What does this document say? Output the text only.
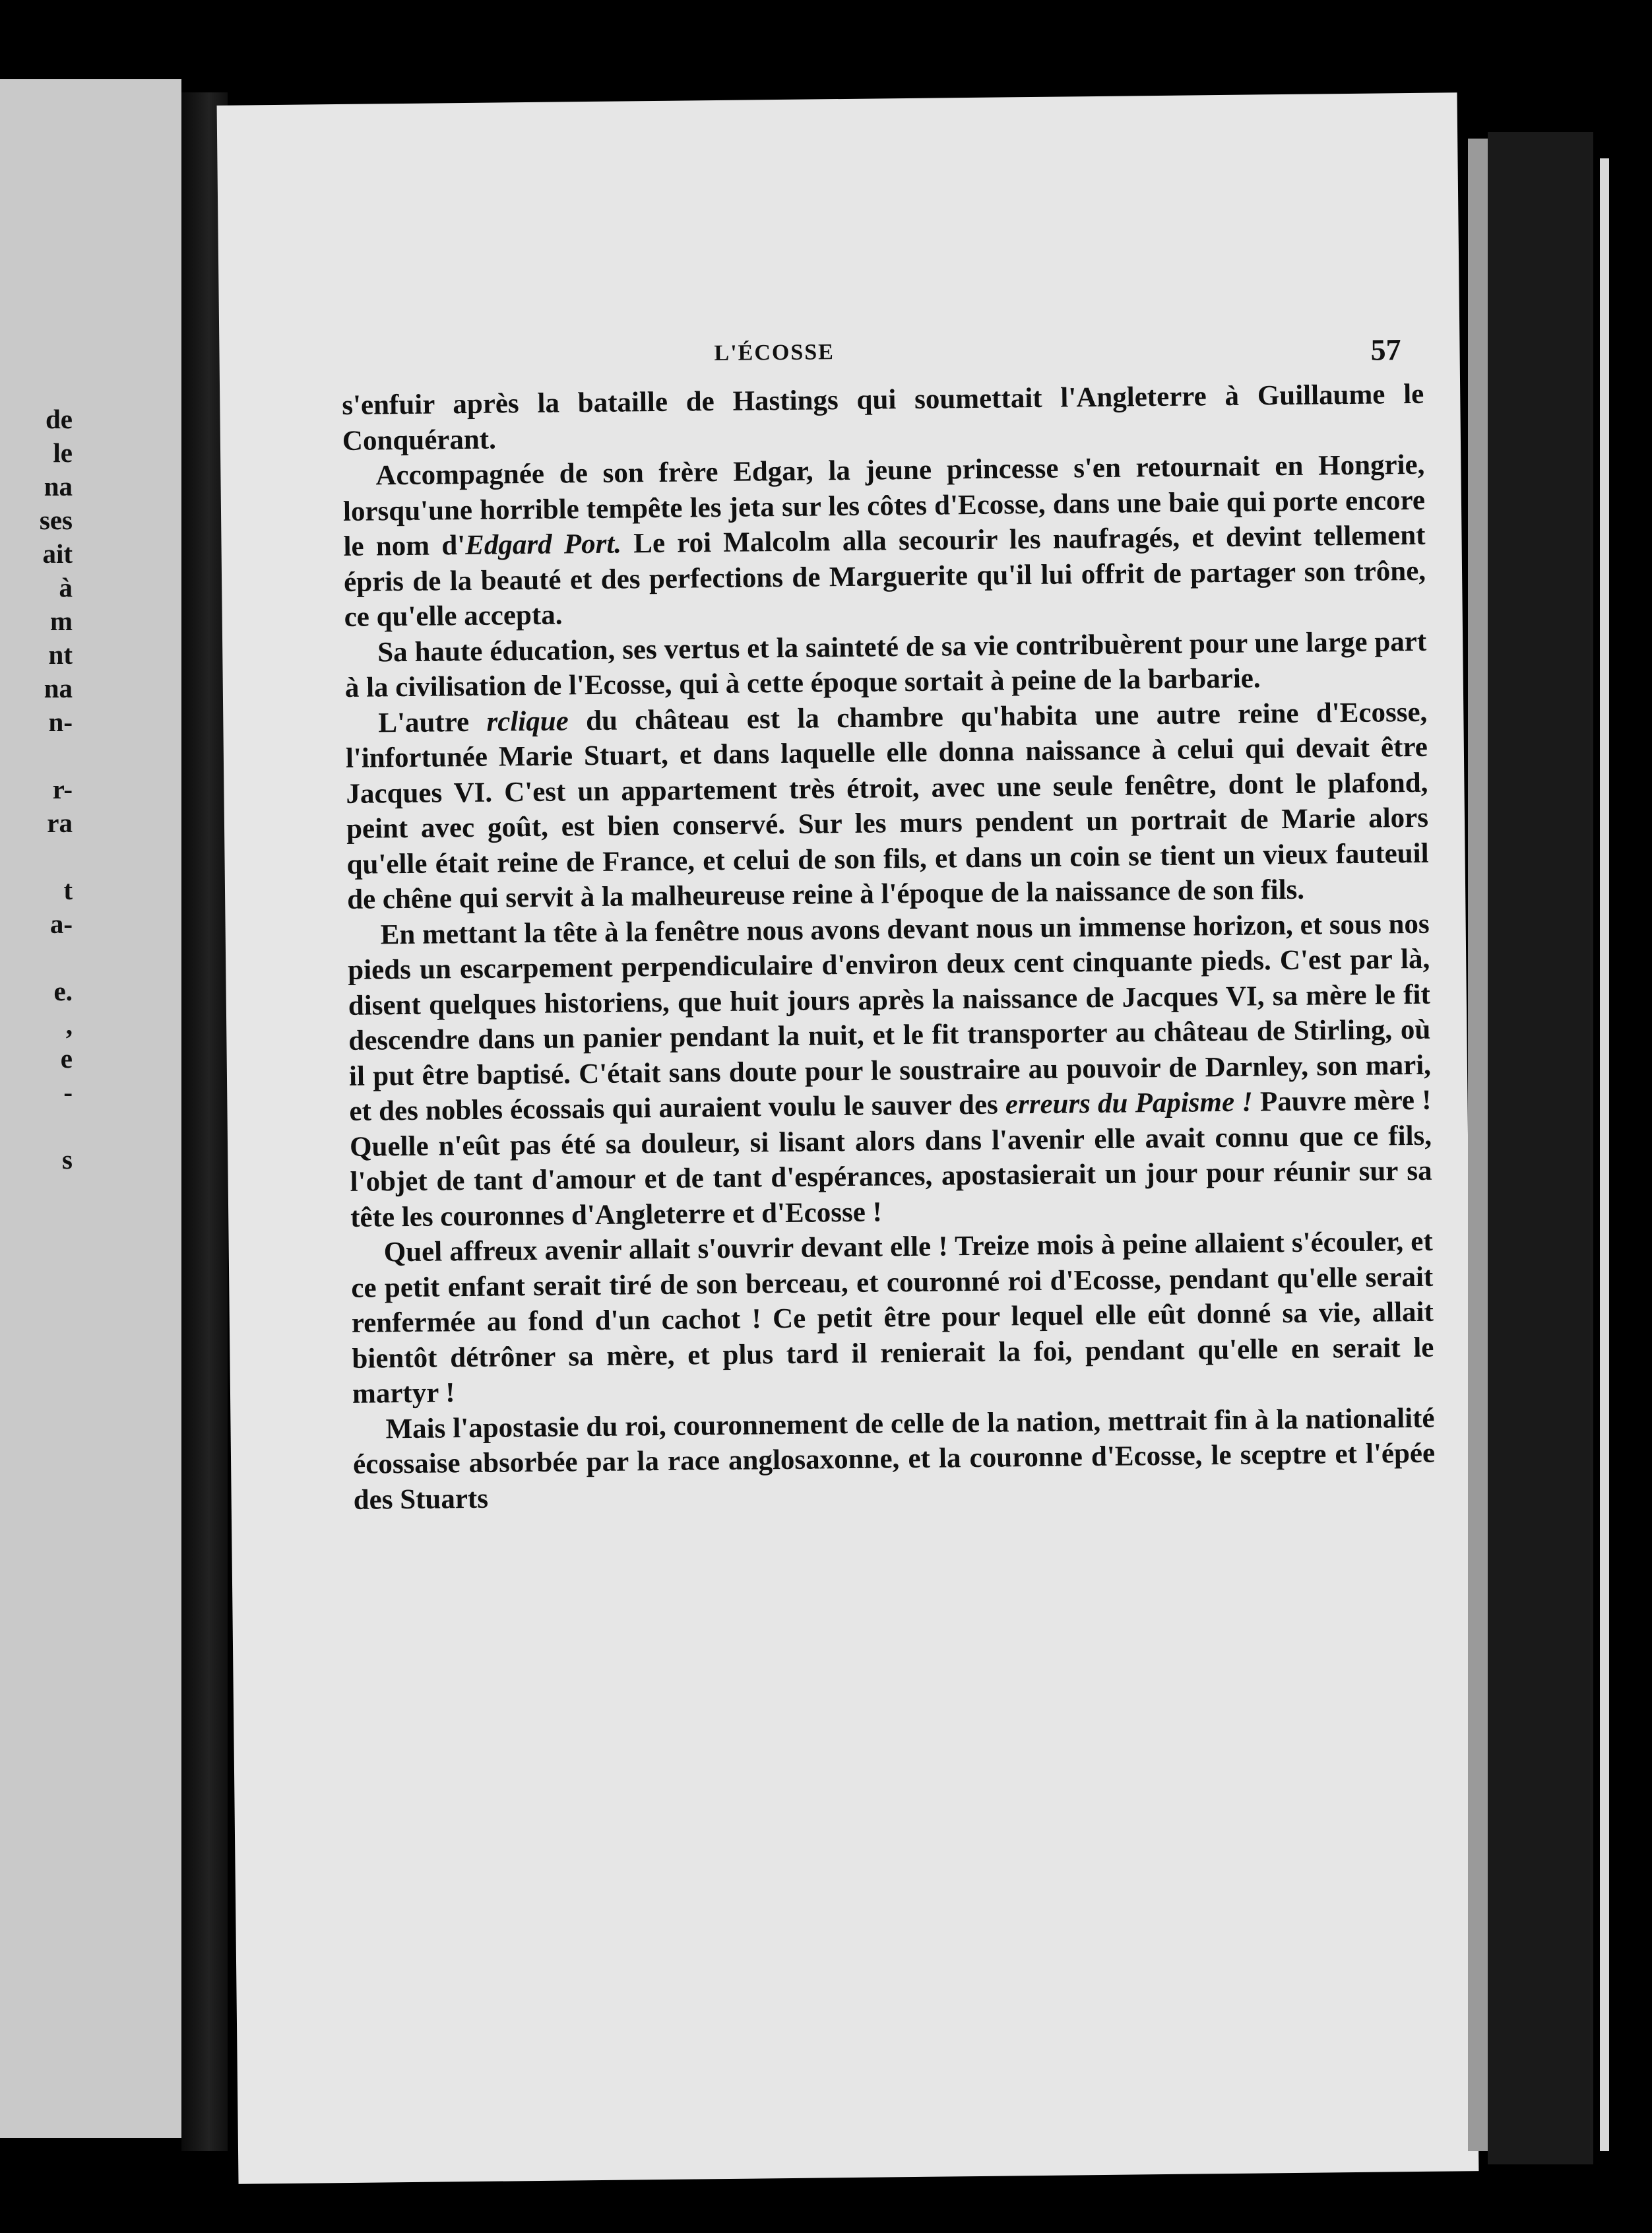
de
le
na
ses
ait
à
m
nt
na
n-
r-
ra
t
a-
e.
,
e
-
s
L'ÉCOSSE	57

s'enfuir après la bataille de Hastings qui soumettait l'Angleterre à Guillaume le Conquérant.

Accompagnée de son frère Edgar, la jeune princesse s'en retournait en Hongrie, lorsqu'une horrible tempête les jeta sur les côtes d'Ecosse, dans une baie qui porte encore le nom d'Edgard Port. Le roi Malcolm alla secourir les naufragés, et devint tellement épris de la beauté et des perfections de Marguerite qu'il lui offrit de partager son trône, ce qu'elle accepta.

Sa haute éducation, ses vertus et la sainteté de sa vie contribuèrent pour une large part à la civilisation de l'Ecosse, qui à cette époque sortait à peine de la barbarie.

L'autre rclique du château est la chambre qu'habita une autre reine d'Ecosse, l'infortunée Marie Stuart, et dans laquelle elle donna naissance à celui qui devait être Jacques VI. C'est un appartement très étroit, avec une seule fenêtre, dont le plafond, peint avec goût, est bien conservé. Sur les murs pendent un portrait de Marie alors qu'elle était reine de France, et celui de son fils, et dans un coin se tient un vieux fauteuil de chêne qui servit à la malheureuse reine à l'époque de la naissance de son fils.

En mettant la tête à la fenêtre nous avons devant nous un immense horizon, et sous nos pieds un escarpement perpendiculaire d'environ deux cent cinquante pieds. C'est par là, disent quelques historiens, que huit jours après la naissance de Jacques VI, sa mère le fit descendre dans un panier pendant la nuit, et le fit transporter au château de Stirling, où il put être baptisé. C'était sans doute pour le soustraire au pouvoir de Darnley, son mari, et des nobles écossais qui auraient voulu le sauver des erreurs du Papisme ! Pauvre mère ! Quelle n'eût pas été sa douleur, si lisant alors dans l'avenir elle avait connu que ce fils, l'objet de tant d'amour et de tant d'espérances, apostasierait un jour pour réunir sur sa tête les couronnes d'Angleterre et d'Ecosse !

Quel affreux avenir allait s'ouvrir devant elle ! Treize mois à peine allaient s'écouler, et ce petit enfant serait tiré de son berceau, et couronné roi d'Ecosse, pendant qu'elle serait renfermée au fond d'un cachot ! Ce petit être pour lequel elle eût donné sa vie, allait bientôt détrôner sa mère, et plus tard il renierait la foi, pendant qu'elle en serait le martyr !

Mais l'apostasie du roi, couronnement de celle de la nation, mettrait fin à la nationalité écossaise absorbée par la race anglosaxonne, et la couronne d'Ecosse, le sceptre et l'épée des Stuarts
